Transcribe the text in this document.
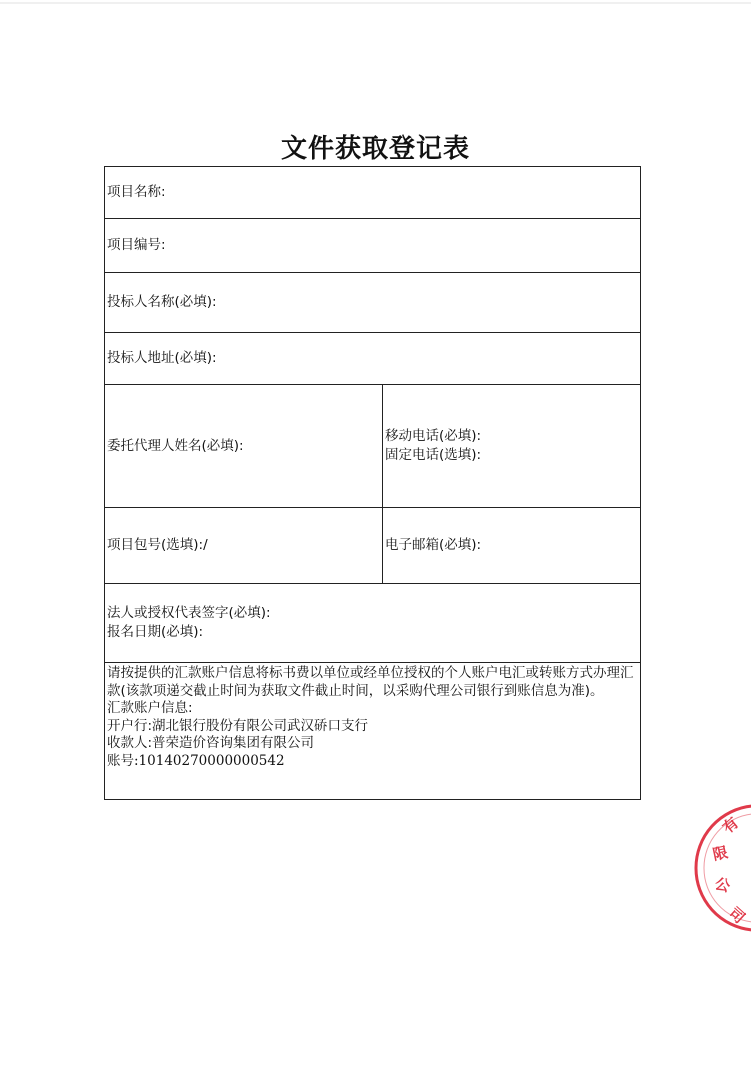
文件获取登记表
项目名称:
项目编号:
投标人名称(必填):
投标人地址(必填):
委托代理人姓名(必填):
移动电话(必填):
固定电话(选填):
项目包号(选填):/	电子邮箱(必填):
法人或授权代表签字(必填):
报名日期(必填):

请按提供的汇款账户信息将标书费以单位或经单位授权的个人账户电汇或转账方式办理汇款(该款项递交截止时间为获取文件截止时间，以采购代理公司银行到账信息为准)。

汇款账户信息:

开户行:湖北银行股份有限公司武汉硚口支行

收款人:普荣造价咨询集团有限公司

账号:10140270000000542

有
限
公
司
